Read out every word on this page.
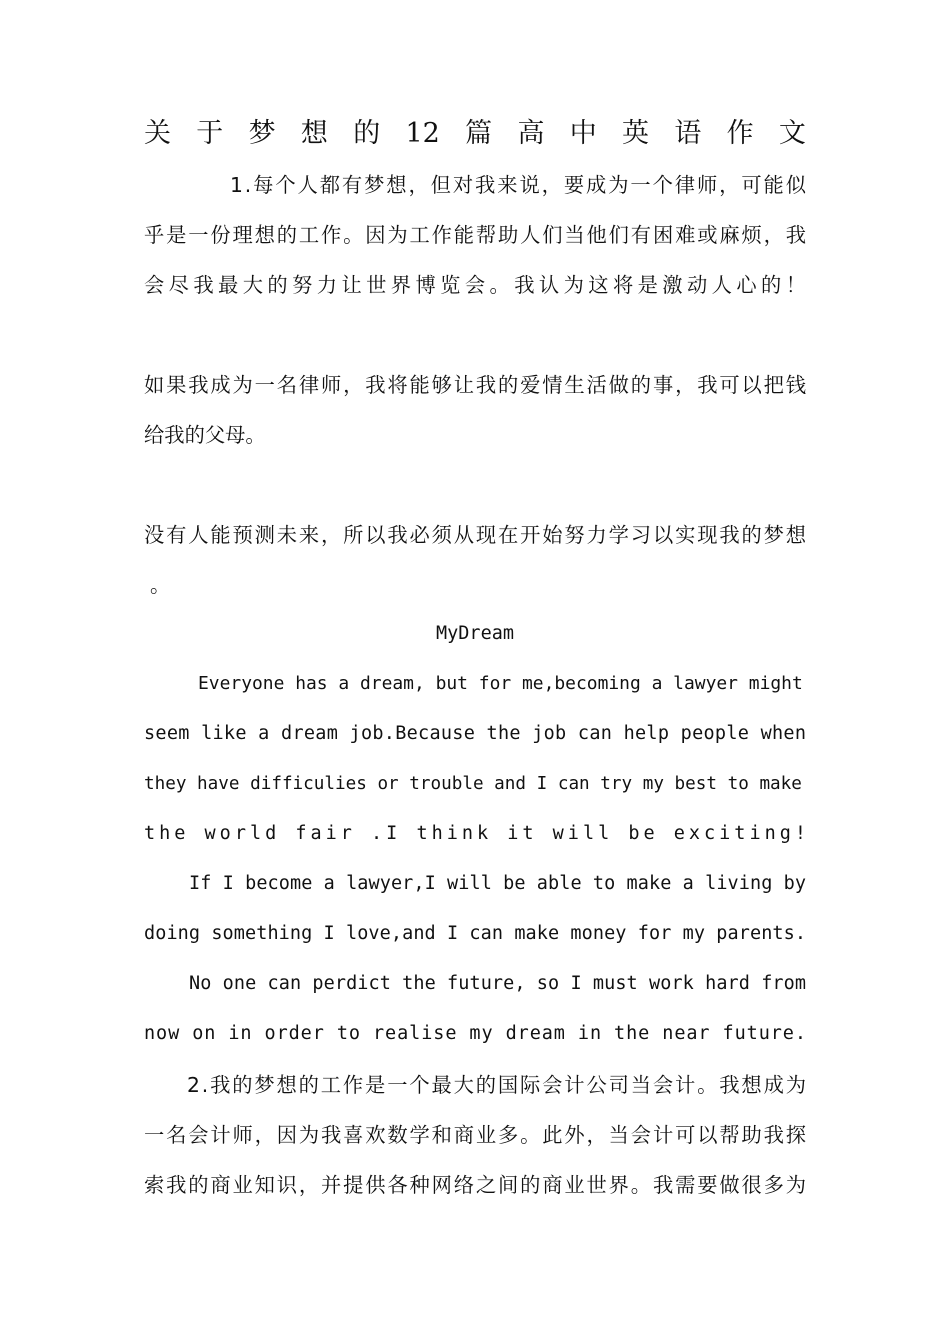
关 于 梦 想 的 12 篇 高 中 英 语 作 文
1.每个人都有梦想，但对我来说，要成为一个律师，可能似
乎是一份理想的工作。因为工作能帮助人们当他们有困难或麻烦，我
会尽我最大的努力让世界博览会。我认为这将是激动人心的！
如果我成为一名律师，我将能够让我的爱情生活做的事，我可以把钱
给我的父母。
没有人能预测未来，所以我必须从现在开始努力学习以实现我的梦想
。
MyDream
Everyone has a dream, but for me,becoming a lawyer might
seem like a dream job.Because the job can help people when
they have difficulies or trouble and I can try my best to make
the world fair .I think it will be exciting!
If I become a lawyer,I will be able to make a living by
doing something I love,and I can make money for my parents.
No one can perdict the future, so I must work hard from
now on in order to realise my dream in the near future.
2.我的梦想的工作是一个最大的国际会计公司当会计。我想成为
一名会计师，因为我喜欢数学和商业多。此外，当会计可以帮助我探
索我的商业知识，并提供各种网络之间的商业世界。我需要做很多为
